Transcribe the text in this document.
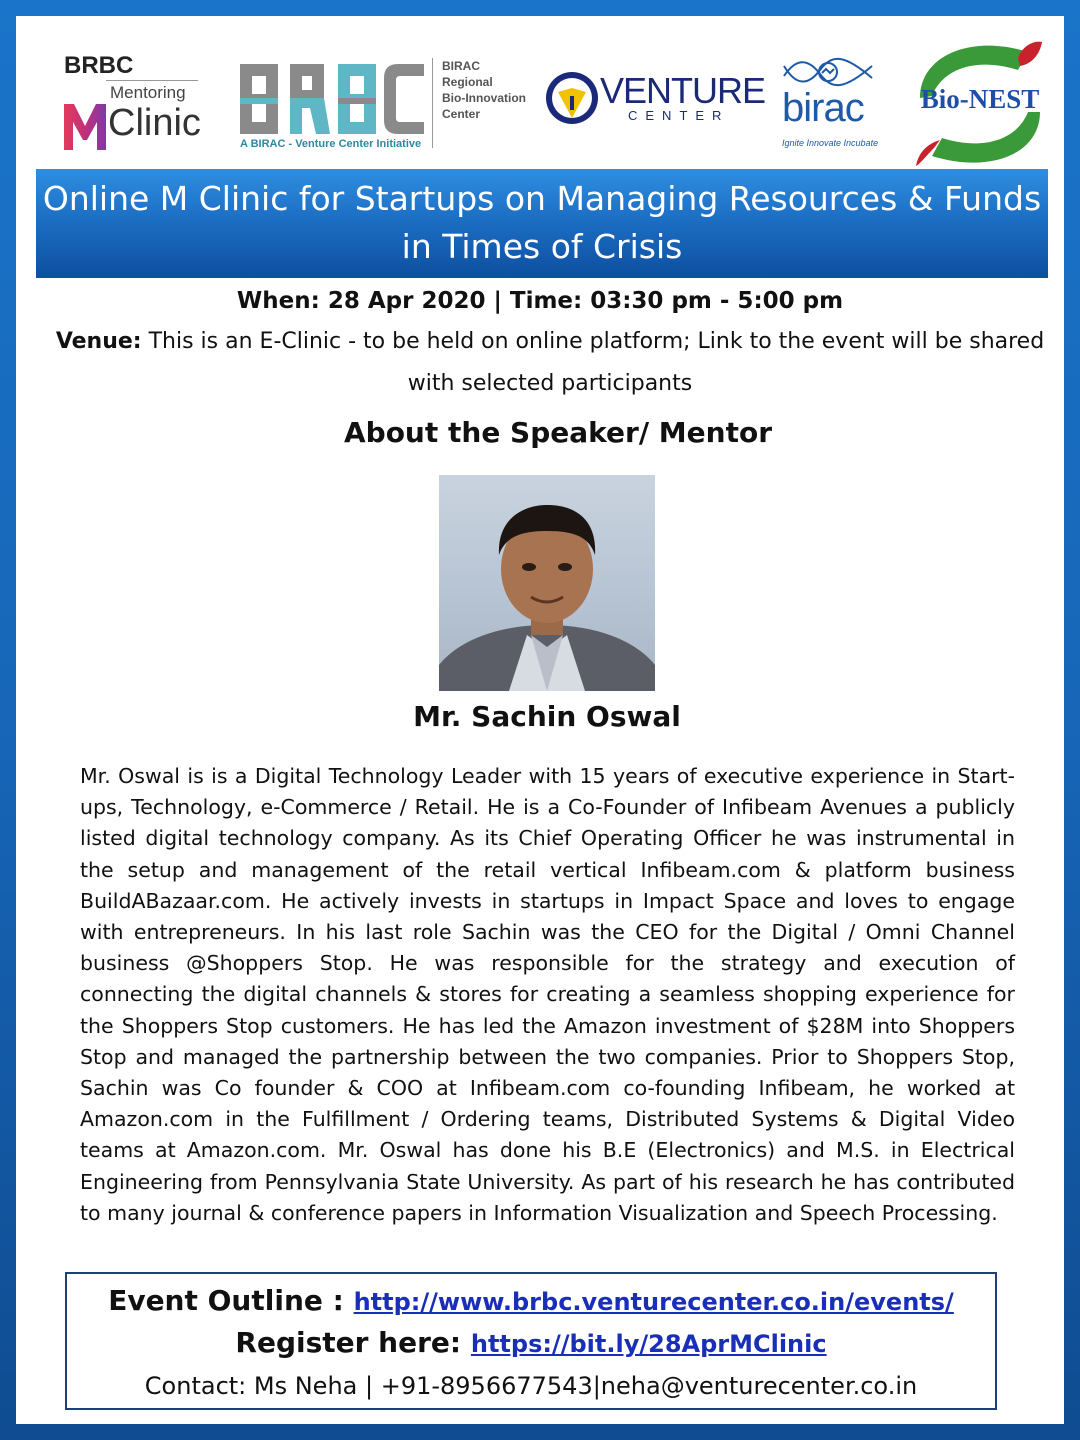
BRBC
Mentoring
Clinic	A BIRAC - Venture Center Initiative
BIRAC
Regional
Bio-Innovation
Center
VENTURE
CENTER birac
Ignite Innovate Incubate
Bio-NEST
Online M Clinic for Startups on Managing Resources & Funds
in Times of Crisis
When: 28 Apr 2020 | Time: 03:30 pm - 5:00 pm
Venue: This is an E-Clinic - to be held on online platform; Link to the event will be shared with selected participants
About the Speaker/ Mentor
Mr. Sachin Oswal
Mr. Oswal is is a Digital Technology Leader with 15 years of executive experience in Start-ups, Technology, e-Commerce / Retail. He is a Co-Founder of Infibeam Avenues a publicly listed digital technology company. As its Chief Operating Officer he was instrumental in the setup and management of the retail vertical Infibeam.com & platform business BuildABazaar.com. He actively invests in startups in Impact Space and loves to engage with entrepreneurs. In his last role Sachin was the CEO for the Digital / Omni Channel business @Shoppers Stop. He was responsible for the strategy and execution of connecting the digital channels & stores for creating a seamless shopping experience for the Shoppers Stop customers. He has led the Amazon investment of $28M into Shoppers Stop and managed the partnership between the two companies. Prior to Shoppers Stop, Sachin was Co founder & COO at Infibeam.com co-founding Infibeam, he worked at Amazon.com in the Fulfillment / Ordering teams, Distributed Systems & Digital Video teams at Amazon.com. Mr. Oswal has done his B.E (Electronics) and M.S. in Electrical Engineering from Pennsylvania State University. As part of his research he has contributed to many journal & conference papers in Information Visualization and Speech Processing.
Event Outline : http://www.brbc.venturecenter.co.in/events/
Register here: https://bit.ly/28AprMClinic
Contact: Ms Neha | +91-8956677543|neha@venturecenter.co.in
